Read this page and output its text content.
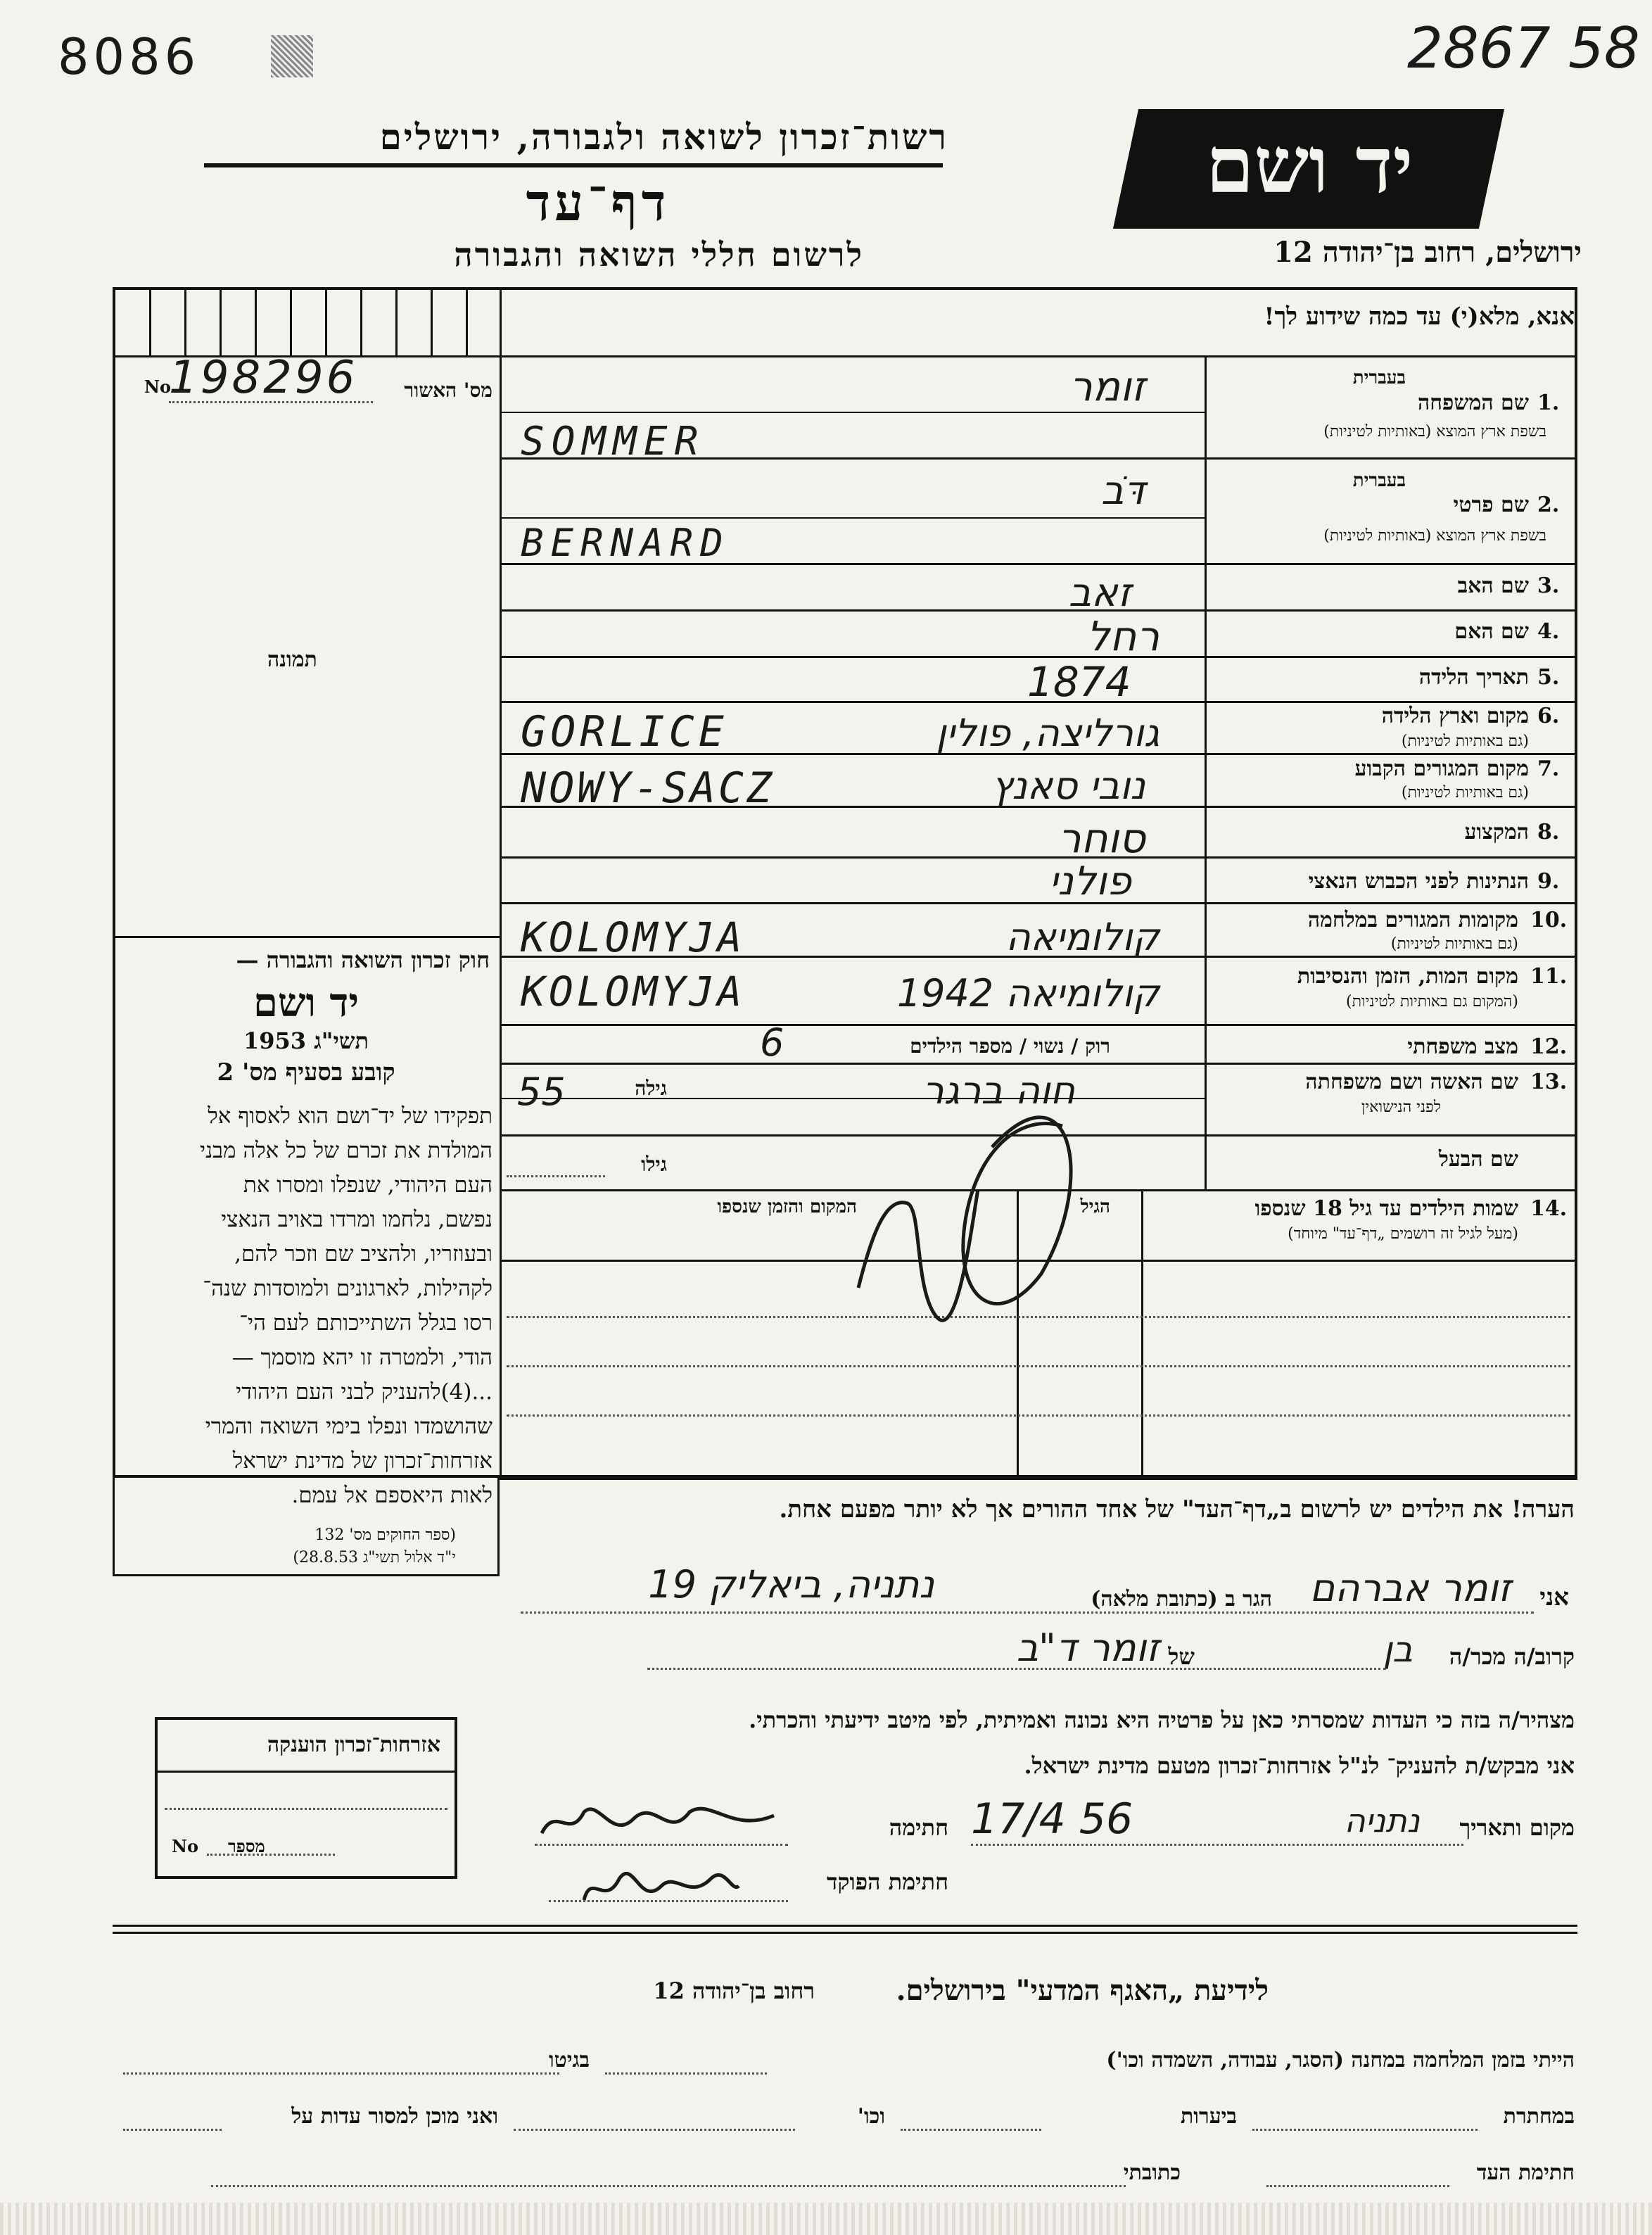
8086	2867 58
רשות־זכרון לשואה ולגבורה, ירושלים	יד ושם
דף־עד
לרשום חללי השואה והגבורה	ירושלים, רחוב בן־יהודה 12
אנא, מלא(י) עד כמה שידוע לך!
No
198296 מס' האשור
תמונה
חוק זכרון השואה והגבורה —
יד ושם
תשי"ג 1953
קובע בסעיף מס' 2
תפקידו של יד־ושם הוא לאסוף אל
המולדת את זכרם של כל אלה מבני
העם היהודי, שנפלו ומסרו את
נפשם, נלחמו ומרדו באויב הנאצי
ובעוזריו, ולהציב שם וזכר להם,
לקהילות, לארגונים ולמוסדות שנה־
רסו בגלל השתייכותם לעם הי־
הודי, ולמטרה זו יהא מוסמך —
...(4)להעניק לבני העם היהודי
שהושמדו ונפלו בימי השואה והמרי
אזרחות־זכרון של מדינת ישראל
לאות היאספם אל עמם.
(ספר החוקים מס' 132
י"ד אלול תשי"ג 28.8.53)
1.
שם המשפחה
בעברית
בשפת ארץ המוצא (באותיות לטיניות)
זומר
SOMMER
2.
שם פרטי
בעברית
בשפת ארץ המוצא (באותיות לטיניות)
דֹּב
BERNARD
3.
שם האב
זאב
4.
שם האם
רחל
5.
תאריך הלידה
1874
6.
מקום וארץ הלידה
(גם באותיות לטיניות)
GORLICE	גורליצה, פולין
7.
מקום המגורים הקבוע
(גם באותיות לטיניות)
NOWY-SACZ	נובי סאנץ
8.
המקצוע
סוחר
9.
הנתינות לפני הכבוש הנאצי
פולני
10.
מקומות המגורים במלחמה
(גם באותיות לטיניות)
KOLOMYJA	קולומיאה
11.
מקום המות, הזמן והנסיבות
(המקום גם באותיות לטיניות)
KOLOMYJA	קולומיאה 1942
12.
מצב משפחתי
רוק / נשוי / מספר הילדים
6
13.
שם האשה ושם משפחתה
לפני הנישואין
חוה ברגר
גילה
55
שם הבעל
גילו
14.
שמות הילדים עד גיל 18 שנספו
(מעל לגיל זה רושמים „דף־עד" מיוחד)
הגיל
המקום והזמן שנספו
הערה! את הילדים יש לרשום ב„דף־העד" של אחד ההורים אך לא יותר מפעם אחת.
אני
זומר אברהם
הגר ב (כתובת מלאה)
נתניה, ביאליק 19
קרוב/ה מכר/ה
בן
של
זומר ד"ב
מצהיר/ה בזה כי העדות שמסרתי כאן על פרטיה היא נכונה ואמיתית, לפי מיטב ידיעתי והכרתי.
אני מבקש/ת להעניק־ לנ"ל אזרחות־זכרון מטעם מדינת ישראל.
מקום ותאריך
נתניה
17/4 56
חתימה
חתימת הפוקד
אזרחות־זכרון הוענקה
No מספר
לידיעת „האגף המדעי" בירושלים.
רחוב בן־יהודה 12
הייתי בזמן המלחמה במחנה (הסגר, עבודה, השמדה וכו')
בגיטו
במחתרת
ביערות
וכו'
ואני מוכן למסור עדות על
חתימת העד
כתובתי
